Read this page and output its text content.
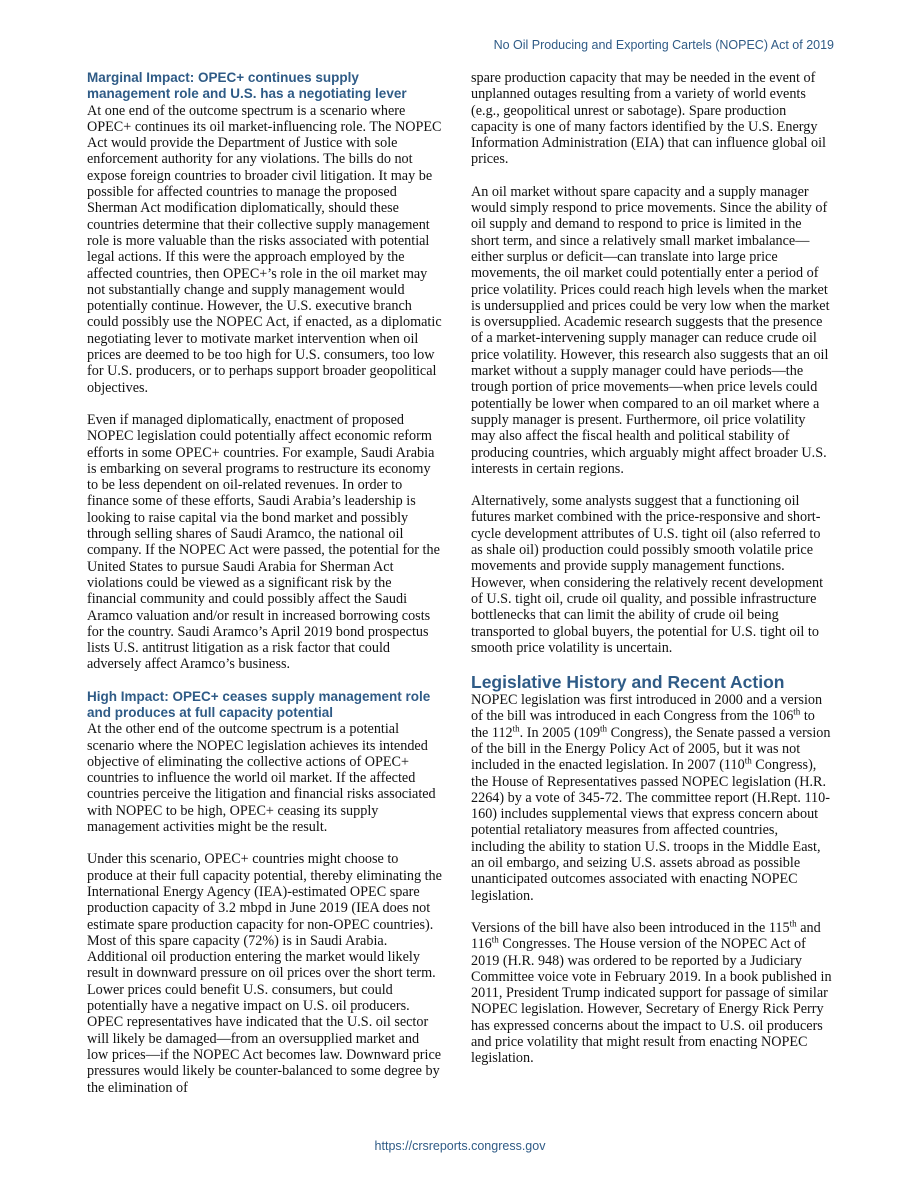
No Oil Producing and Exporting Cartels (NOPEC) Act of 2019
Marginal Impact: OPEC+ continues supply management role and U.S. has a negotiating lever

At one end of the outcome spectrum is a scenario where OPEC+ continues its oil market-influencing role. The NOPEC Act would provide the Department of Justice with sole enforcement authority for any violations. The bills do not expose foreign countries to broader civil litigation. It may be possible for affected countries to manage the proposed Sherman Act modification diplomatically, should these countries determine that their collective supply management role is more valuable than the risks associated with potential legal actions. If this were the approach employed by the affected countries, then OPEC+’s role in the oil market may not substantially change and supply management would potentially continue. However, the U.S. executive branch could possibly use the NOPEC Act, if enacted, as a diplomatic negotiating lever to motivate market intervention when oil prices are deemed to be too high for U.S. consumers, too low for U.S. producers, or to perhaps support broader geopolitical objectives.

Even if managed diplomatically, enactment of proposed NOPEC legislation could potentially affect economic reform efforts in some OPEC+ countries. For example, Saudi Arabia is embarking on several programs to restructure its economy to be less dependent on oil-related revenues. In order to finance some of these efforts, Saudi Arabia’s leadership is looking to raise capital via the bond market and possibly through selling shares of Saudi Aramco, the national oil company. If the NOPEC Act were passed, the potential for the United States to pursue Saudi Arabia for Sherman Act violations could be viewed as a significant risk by the financial community and could possibly affect the Saudi Aramco valuation and/or result in increased borrowing costs for the country. Saudi Aramco’s April 2019 bond prospectus lists U.S. antitrust litigation as a risk factor that could adversely affect Aramco’s business.

High Impact: OPEC+ ceases supply management role and produces at full capacity potential

At the other end of the outcome spectrum is a potential scenario where the NOPEC legislation achieves its intended objective of eliminating the collective actions of OPEC+ countries to influence the world oil market. If the affected countries perceive the litigation and financial risks associated with NOPEC to be high, OPEC+ ceasing its supply management activities might be the result.

Under this scenario, OPEC+ countries might choose to produce at their full capacity potential, thereby eliminating the International Energy Agency (IEA)-estimated OPEC spare production capacity of 3.2 mbpd in June 2019 (IEA does not estimate spare production capacity for non-OPEC countries). Most of this spare capacity (72%) is in Saudi Arabia. Additional oil production entering the market would likely result in downward pressure on oil prices over the short term. Lower prices could benefit U.S. consumers, but could potentially have a negative impact on U.S. oil producers. OPEC representatives have indicated that the U.S. oil sector will likely be damaged—from an oversupplied market and low prices—if the NOPEC Act becomes law. Downward price pressures would likely be counter-balanced to some degree by the elimination of

spare production capacity that may be needed in the event of unplanned outages resulting from a variety of world events (e.g., geopolitical unrest or sabotage). Spare production capacity is one of many factors identified by the U.S. Energy Information Administration (EIA) that can influence global oil prices.

An oil market without spare capacity and a supply manager would simply respond to price movements. Since the ability of oil supply and demand to respond to price is limited in the short term, and since a relatively small market imbalance—either surplus or deficit—can translate into large price movements, the oil market could potentially enter a period of price volatility. Prices could reach high levels when the market is undersupplied and prices could be very low when the market is oversupplied. Academic research suggests that the presence of a market-intervening supply manager can reduce crude oil price volatility. However, this research also suggests that an oil market without a supply manager could have periods—the trough portion of price movements—when price levels could potentially be lower when compared to an oil market where a supply manager is present. Furthermore, oil price volatility may also affect the fiscal health and political stability of producing countries, which arguably might affect broader U.S. interests in certain regions.

Alternatively, some analysts suggest that a functioning oil futures market combined with the price-responsive and short-cycle development attributes of U.S. tight oil (also referred to as shale oil) production could possibly smooth volatile price movements and provide supply management functions. However, when considering the relatively recent development of U.S. tight oil, crude oil quality, and possible infrastructure bottlenecks that can limit the ability of crude oil being transported to global buyers, the potential for U.S. tight oil to smooth price volatility is uncertain.

Legislative History and Recent Action

NOPEC legislation was first introduced in 2000 and a version of the bill was introduced in each Congress from the 106th to the 112th. In 2005 (109th Congress), the Senate passed a version of the bill in the Energy Policy Act of 2005, but it was not included in the enacted legislation. In 2007 (110th Congress), the House of Representatives passed NOPEC legislation (H.R. 2264) by a vote of 345-72. The committee report (H.Rept. 110-160) includes supplemental views that express concern about potential retaliatory measures from affected countries, including the ability to station U.S. troops in the Middle East, an oil embargo, and seizing U.S. assets abroad as possible unanticipated outcomes associated with enacting NOPEC legislation.

Versions of the bill have also been introduced in the 115th and 116th Congresses. The House version of the NOPEC Act of 2019 (H.R. 948) was ordered to be reported by a Judiciary Committee voice vote in February 2019. In a book published in 2011, President Trump indicated support for passage of similar NOPEC legislation. However, Secretary of Energy Rick Perry has expressed concerns about the impact to U.S. oil producers and price volatility that might result from enacting NOPEC legislation.

https://crsreports.congress.gov
